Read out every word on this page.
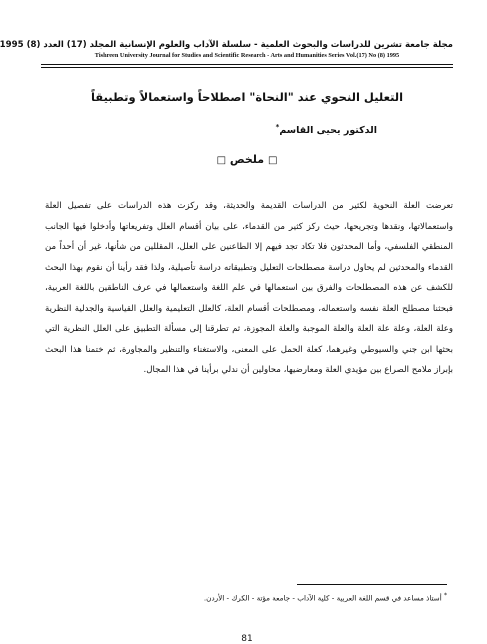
مجلة جامعة تشرين للدراسات والبحوث العلمية - سلسلة الآداب والعلوم الإنسانية المجلد (17) العدد (8) 1995
Tishreen University Journal for Studies and Scientific Research - Arts and Humanities Series Vol.(17) No (8) 1995
التعليل النحوي عند "النحاة" اصطلاحاً واستعمالاً وتطبيقاً
الدكتور يحيى القاسم*
□ ملخص □
تعرضت العلة النحوية لكثير من الدراسات القديمة والحديثة، وقد ركزت هذه الدراسات على تفصيل العلة واستعمالاتها، ونقدها وتجريحها، حيث ركز كثير من القدماء، على بيان أقسام العلل وتفريعاتها وأدخلوا فيها الجانب المنطقي الفلسفي، وأما المحدثون فلا تكاد تجد فيهم إلا الطاعنين على العلل، المقللين من شأنها، غير أن أحداً من القدماء والمحدثين لم يحاول دراسة مصطلحات التعليل وتطبيقاته دراسة تأصيلية، ولذا فقد رأينا أن نقوم بهذا البحث للكشف عن هذه المصطلحات والفرق بين استعمالها في علم اللغة واستعمالها في عرف الناطقين باللغة العربية، فبحثنا مصطلح العلة نفسه واستعماله، ومصطلحات أقسام العلة، كالعلل التعليمية والعلل القياسية والجدلية النظرية وعلة العلة، وعلة علة العلة والعلة الموجبة والعلة المجوزة، ثم تطرقنا إلى مسألة التطبيق على العلل النظرية التي بحثها ابن جني والسيوطي وغيرهما، كعلة الحمل على المعنى، والاستغناء والتنظير والمجاورة، ثم ختمنا هذا البحث بإبراز ملامح الصراع بين مؤيدي العلة ومعارضيها، محاولين أن ندلي برأينا في هذا المجال.
* أستاذ مساعد في قسم اللغة العربية - كلية الآداب - جامعة مؤتة - الكرك - الأردن.
81
